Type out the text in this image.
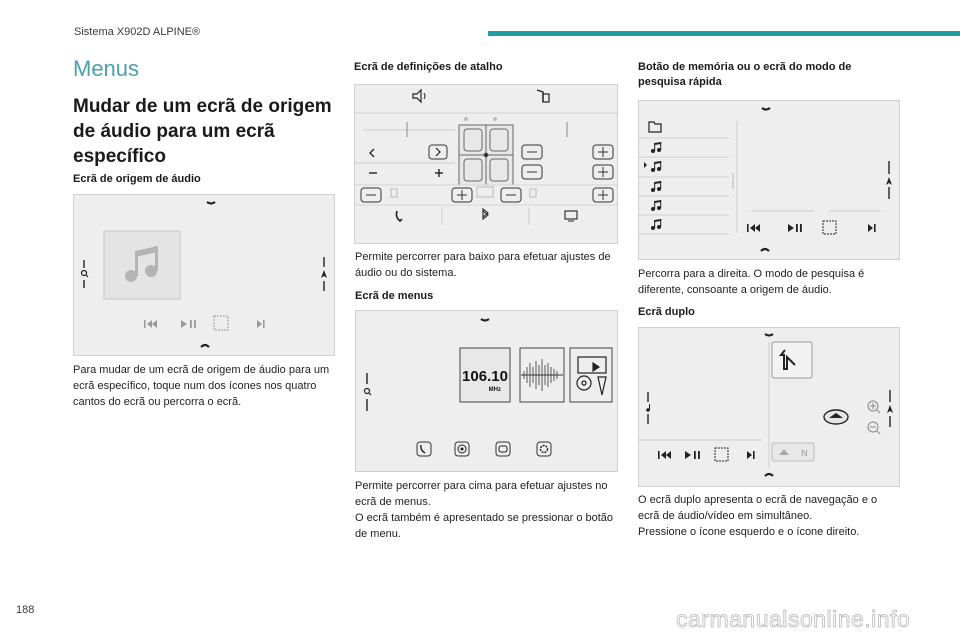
Sistema X902D ALPINE®
Menus
Mudar de um ecrã de origem de áudio para um ecrã específico
Ecrã de origem de áudio
Para mudar de um ecrã de origem de áudio para um ecrã específico, toque num dos ícones nos quatro cantos do ecrã ou percorra o ecrã.
Ecrã de definições de atalho
Permite percorrer para baixo para efetuar ajustes de áudio ou do sistema.
Ecrã de menus
106.10
MHz
Permite percorrer para cima para efetuar ajustes no ecrã de menus.
O ecrã também é apresentado se pressionar o botão de menu.
Botão de memória ou o ecrã do modo de pesquisa rápida
Percorra para a direita. O modo de pesquisa é diferente, consoante a origem de áudio.
Ecrã duplo
N
O ecrã duplo apresenta o ecrã de navegação e o ecrã de áudio/vídeo em simultâneo.
Pressione o ícone esquerdo e o ícone direito.
188	carmanualsonline.info
